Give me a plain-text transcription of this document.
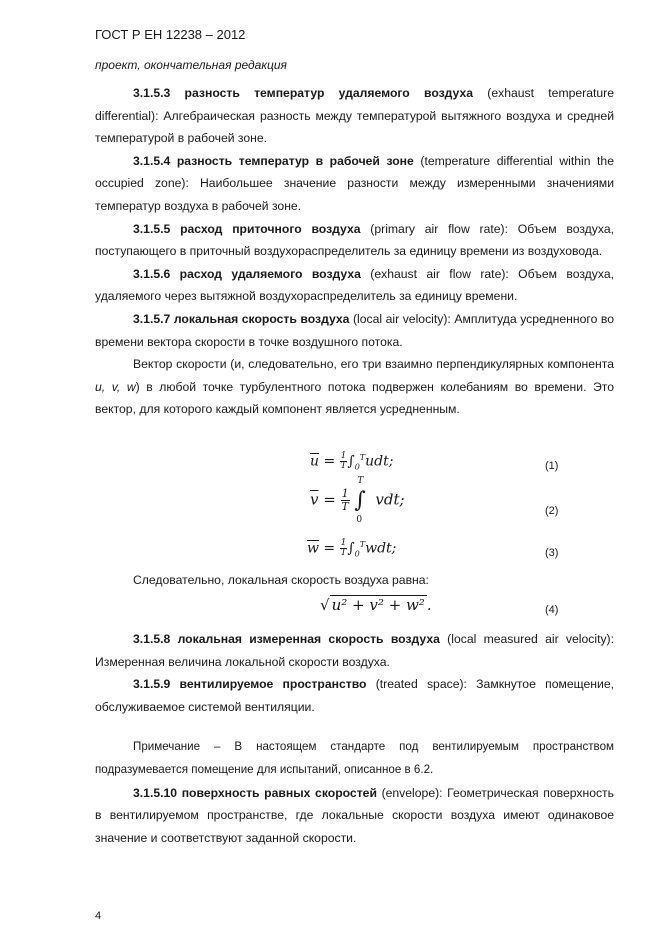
ГОСТ Р ЕН 12238 – 2012
проект, окончательная редакция

3.1.5.3 разность температур удаляемого воздуха (exhaust temperature differential): Алгебраическая разность между температурой вытяжного воздуха и средней температурой в рабочей зоне.

3.1.5.4 разность температур в рабочей зоне (temperature differential within the occupied zone): Наибольшее значение разности между измеренными значениями температур воздуха в рабочей зоне.

3.1.5.5 расход приточного воздуха (primary air flow rate): Объем воздуха, поступающего в приточный воздухораспределитель за единицу времени из воздуховода.

3.1.5.6 расход удаляемого воздуха (exhaust air flow rate): Объем воздуха, удаляемого через вытяжной воздухораспределитель за единицу времени.

3.1.5.7 локальная скорость воздуха (local air velocity): Амплитуда усредненного во времени вектора скорости в точке воздушного потока.

Вектор скорости (и, следовательно, его три взаимно перпендикулярных компонента u, v, w) в любой точке турбулентного потока подвержен колебаниям во времени. Это вектор, для которого каждый компонент является усредненным.

$\overline{u} = \frac{1}{T}\int_0^Tudt$;	(1)
$\overline{v} = \frac{1}{T}$ ∫
T
0
vdt;
(2)
$\overline{w} = \frac{1}{T}\int_0^Twdt$;	(3)
Следовательно, локальная скорость воздуха равна:
√ u² + v² + w² .	(4)

3.1.5.8 локальная измеренная скорость воздуха (local measured air velocity): Измеренная величина локальной скорости воздуха.

3.1.5.9 вентилируемое пространство (treated space): Замкнутое помещение, обслуживаемое системой вентиляции.

Примечание – В настоящем стандарте под вентилируемым пространством подразумевается помещение для испытаний, описанное в 6.2.

3.1.5.10 поверхность равных скоростей (envelope): Геометрическая поверхность в вентилируемом пространстве, где локальные скорости воздуха имеют одинаковое значение и соответствуют заданной скорости.

4
